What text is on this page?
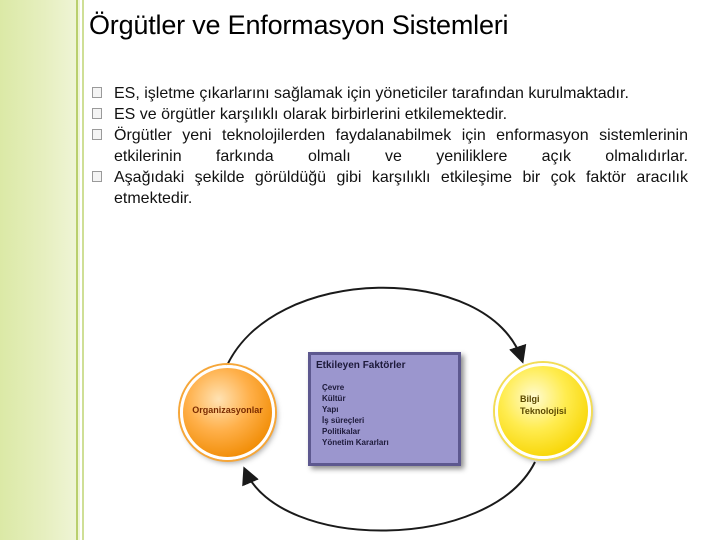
Örgütler ve Enformasyon Sistemleri
ES, işletme çıkarlarını sağlamak için yöneticiler tarafından kurulmaktadır.
ES ve örgütler karşılıklı olarak birbirlerini etkilemektedir.
Örgütler yeni teknolojilerden faydalanabilmek için enformasyon sistemlerinin etkilerinin farkında olmalı ve yeniliklere açık olmalıdırlar.
Aşağıdaki şekilde görüldüğü gibi karşılıklı etkileşime bir çok faktör aracılık etmektedir.
Organizasyonlar
Bilgi
Teknolojisi
Etkileyen Faktörler
Çevre
Kültür
Yapı
İş süreçleri
Politikalar
Yönetim Kararları
